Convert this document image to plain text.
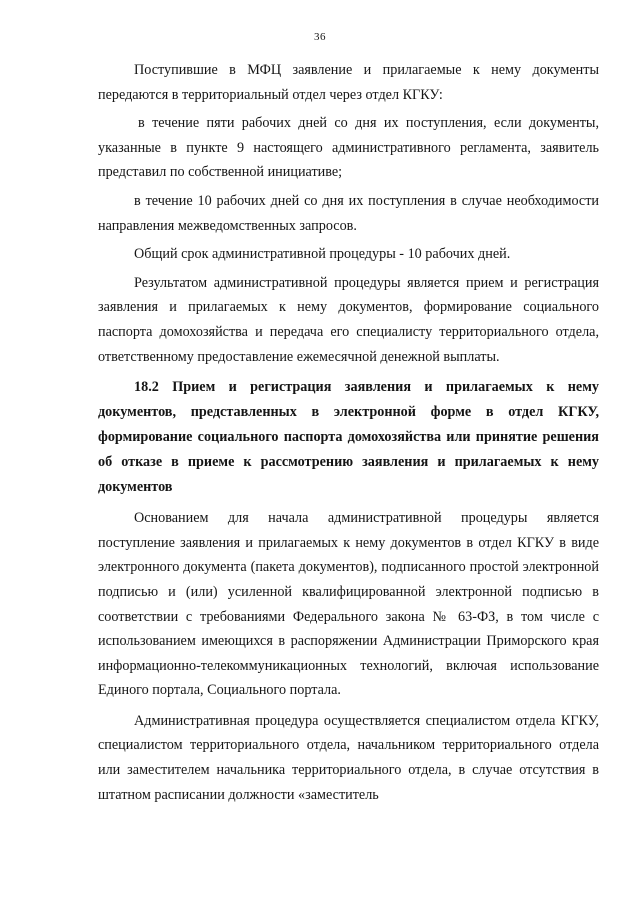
36

Поступившие в МФЦ заявление и прилагаемые к нему документы передаются в территориальный отдел через отдел КГКУ:

в течение пяти рабочих дней со дня их поступления, если документы, указанные в пункте 9 настоящего административного регламента, заявитель представил по собственной инициативе;

в течение 10 рабочих дней со дня их поступления в случае необходимости направления межведомственных запросов.

Общий срок административной процедуры - 10 рабочих дней.

Результатом административной процедуры является прием и регистрация заявления и прилагаемых к нему документов, формирование социального паспорта домохозяйства и передача его специалисту территориального отдела, ответственному предоставление ежемесячной денежной выплаты.

18.2 Прием и регистрация заявления и прилагаемых к нему документов, представленных в электронной форме в отдел КГКУ, формирование социального паспорта домохозяйства или принятие решения об отказе в приеме к рассмотрению заявления и прилагаемых к нему документов

Основанием для начала административной процедуры является поступление заявления и прилагаемых к нему документов в отдел КГКУ в виде электронного документа (пакета документов), подписанного простой электронной подписью и (или) усиленной квалифицированной электронной подписью в соответствии с требованиями Федерального закона № 63-ФЗ, в том числе с использованием имеющихся в распоряжении Администрации Приморского края информационно-телекоммуникационных технологий, включая использование Единого портала, Социального портала.

Административная процедура осуществляется специалистом отдела КГКУ, специалистом территориального отдела, начальником территориального отдела или заместителем начальника территориального отдела, в случае отсутствия в штатном расписании должности «заместитель
